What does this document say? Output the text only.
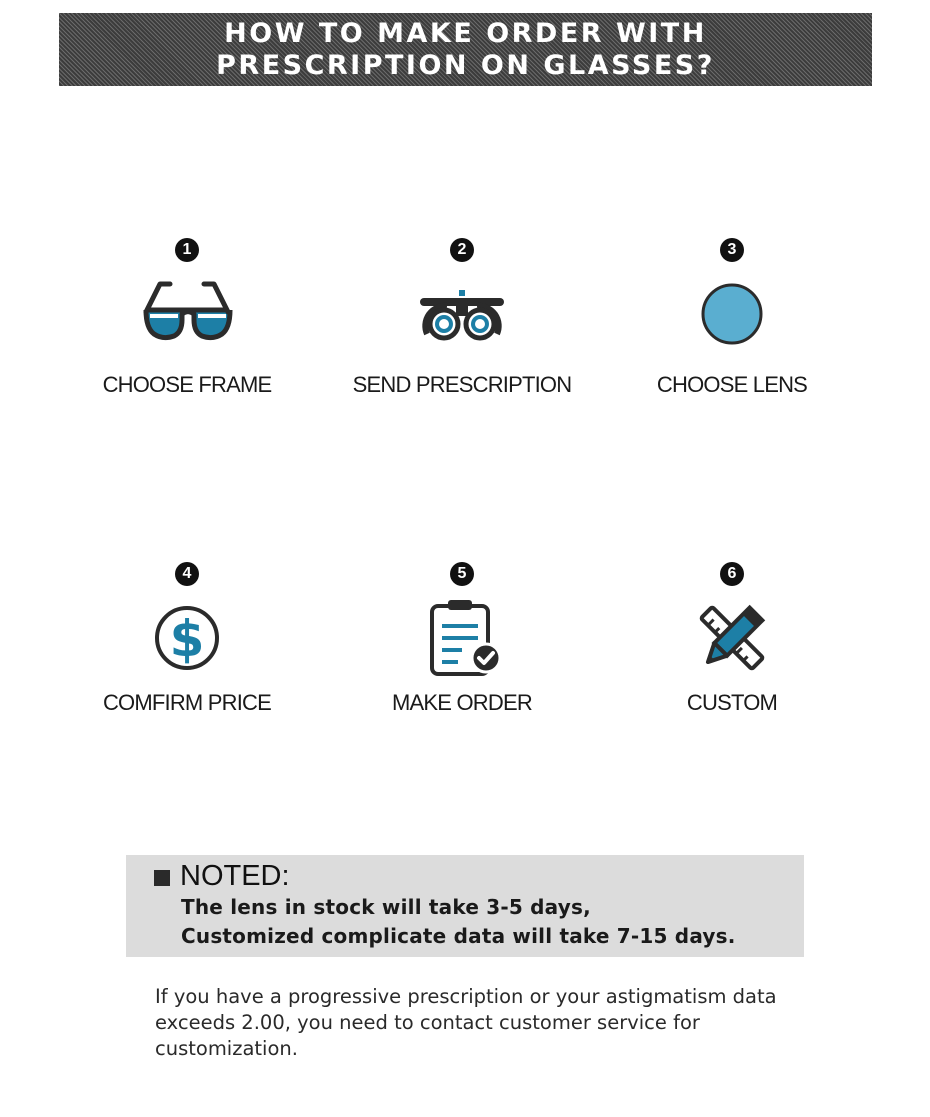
HOW TO MAKE ORDER WITH
PRESCRIPTION ON GLASSES?
1
CHOOSE FRAME
2
SEND PRESCRIPTION
3
CHOOSE LENS
4
$
COMFIRM PRICE
5
MAKE ORDER
6
CUSTOM
NOTED :
The lens in stock will take 3-5 days,
Customized complicate data will take 7-15 days.
If you have a progressive prescription or your astigmatism data exceeds 2.00, you need to contact customer service for customization.
